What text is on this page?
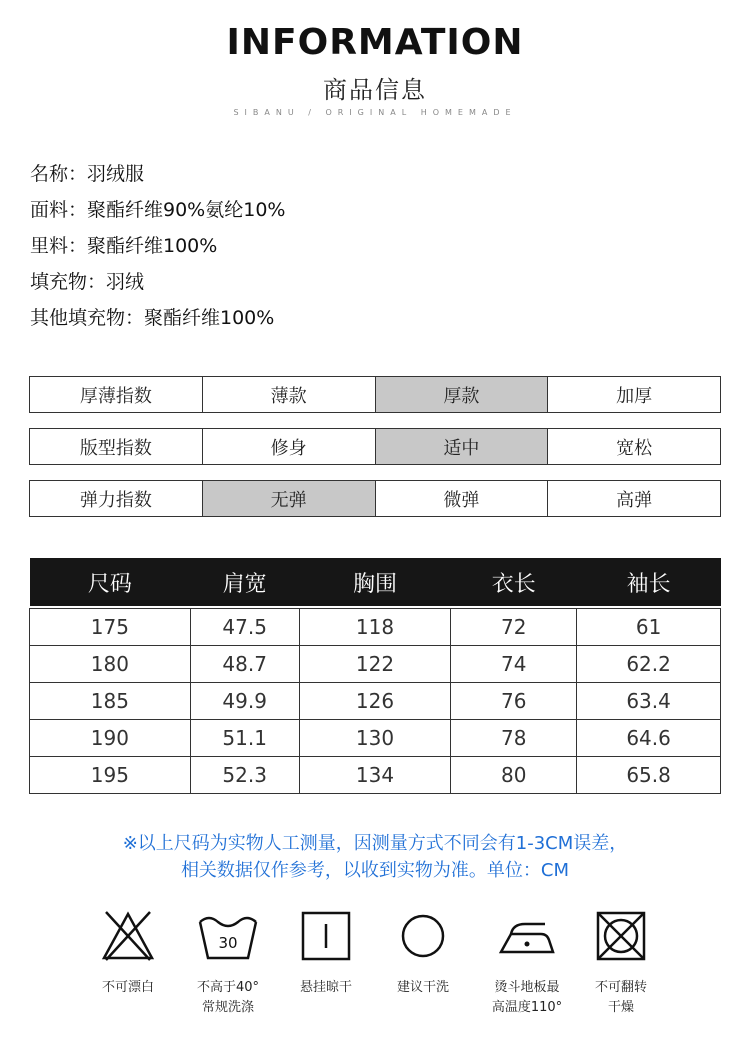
INFORMATION
商品信息
SIBANU / ORIGINAL HOMEMADE
名称：羽绒服
面料：聚酯纤维90%氨纶10%
里料：聚酯纤维100%
填充物：羽绒
其他填充物：聚酯纤维100%
厚薄指数	薄款	厚款	加厚
版型指数	修身	适中	宽松
弹力指数	无弹	微弹	高弹
尺码	肩宽	胸围	衣长	袖长

175	47.5	118	72	61
180	48.7	122	74	62.2
185	49.9	126	76	63.4
190	51.1	130	78	64.6
195	52.3	134	80	65.8
※以上尺码为实物人工测量，因测量方式不同会有1-3CM误差，
相关数据仅作参考，以收到实物为准。单位：CM
不可漂白
30
不高于40°
常规洗涤
悬挂晾干	建议干洗	烫斗地板最
高温度110°
不可翻转
干燥
